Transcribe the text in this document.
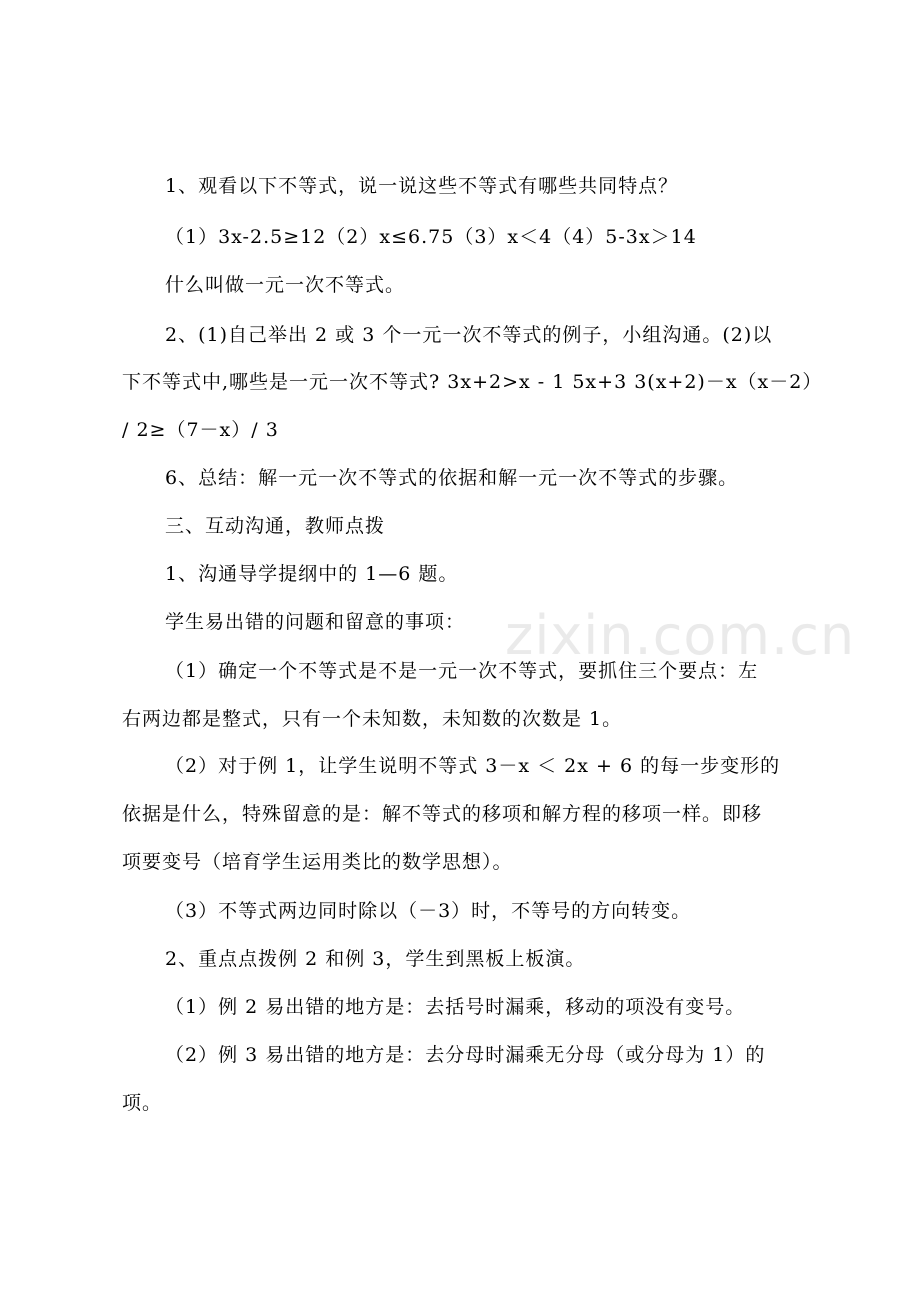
1、观看以下不等式，说一说这些不等式有哪些共同特点？
（1）3x-2.5≥12（2）x≤6.75（3）x＜4（4）5-3x＞14
什么叫做一元一次不等式。
2、(1)自己举出 2 或 3 个一元一次不等式的例子，小组沟通。(2)以
下不等式中,哪些是一元一次不等式? 3x+2>x - 1 5x+3 3(x+2)－x（x－2）
/ 2≥（7－x）/ 3
6、总结：解一元一次不等式的依据和解一元一次不等式的步骤。
三、互动沟通，教师点拨
1、沟通导学提纲中的 1—6 题。
学生易出错的问题和留意的事项：
（1）确定一个不等式是不是一元一次不等式，要抓住三个要点：左
右两边都是整式，只有一个未知数，未知数的次数是 1。
（2）对于例 1，让学生说明不等式 3－x ＜ 2x + 6 的每一步变形的
依据是什么，特殊留意的是：解不等式的移项和解方程的移项一样。即移
项要变号（培育学生运用类比的数学思想）。
（3）不等式两边同时除以（－3）时，不等号的方向转变。
2、重点点拨例 2 和例 3，学生到黑板上板演。
（1）例 2 易出错的地方是：去括号时漏乘，移动的项没有变号。
（2）例 3 易出错的地方是：去分母时漏乘无分母（或分母为 1）的
项。
zixin.com.cn
